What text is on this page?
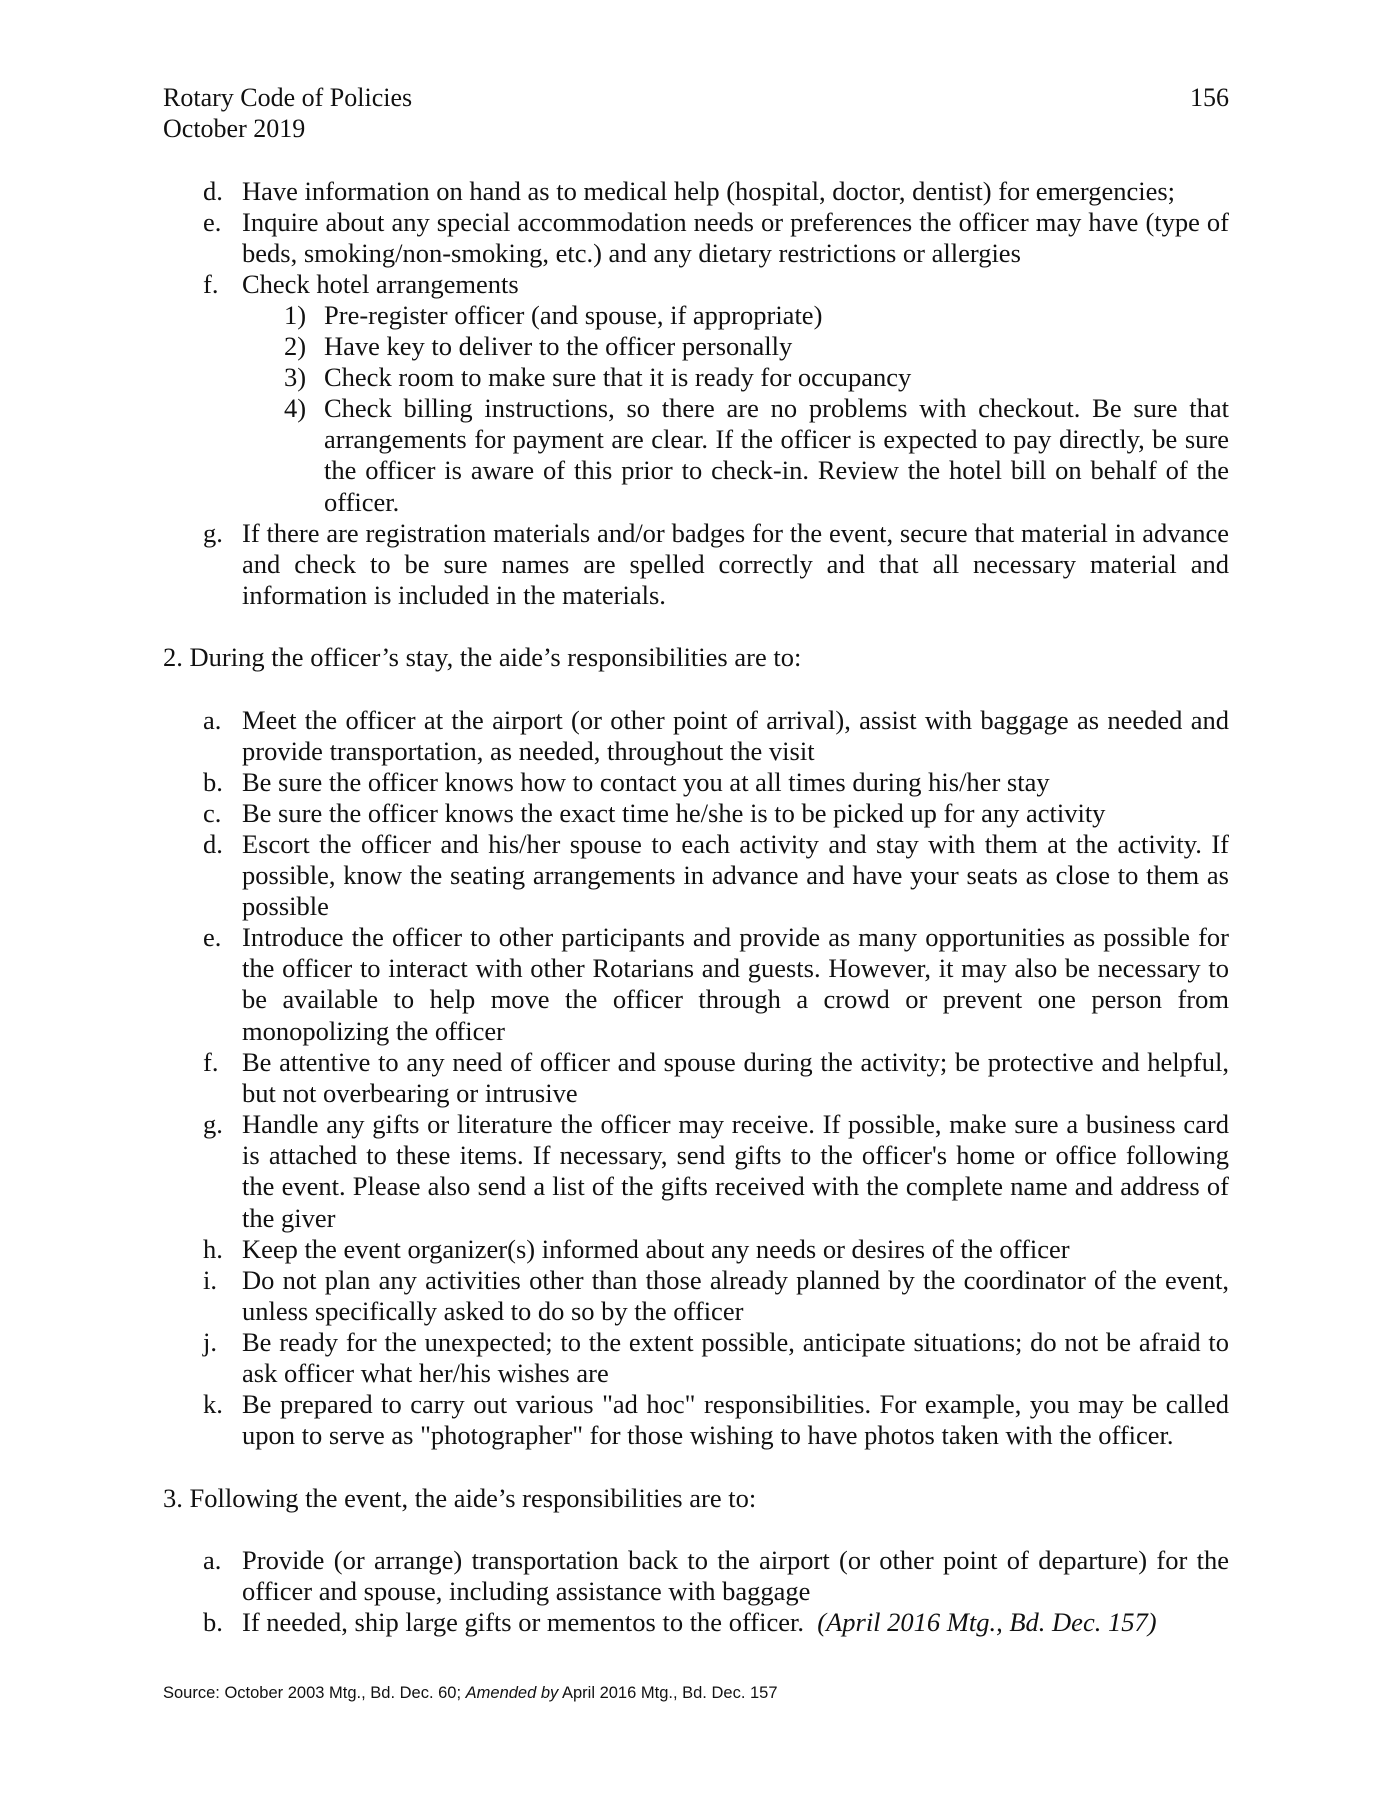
Rotary Code of Policies
October 2019
156
d. Have information on hand as to medical help (hospital, doctor, dentist) for emergencies;
e. Inquire about any special accommodation needs or preferences the officer may have (type of beds, smoking/non-smoking, etc.) and any dietary restrictions or allergies
f. Check hotel arrangements
1) Pre-register officer (and spouse, if appropriate)
2) Have key to deliver to the officer personally
3) Check room to make sure that it is ready for occupancy
4) Check billing instructions, so there are no problems with checkout. Be sure that arrangements for payment are clear. If the officer is expected to pay directly, be sure the officer is aware of this prior to check-in. Review the hotel bill on behalf of the officer.
g. If there are registration materials and/or badges for the event, secure that material in advance and check to be sure names are spelled correctly and that all necessary material and information is included in the materials.
2. During the officer’s stay, the aide’s responsibilities are to:
a. Meet the officer at the airport (or other point of arrival), assist with baggage as needed and provide transportation, as needed, throughout the visit
b. Be sure the officer knows how to contact you at all times during his/her stay
c. Be sure the officer knows the exact time he/she is to be picked up for any activity
d. Escort the officer and his/her spouse to each activity and stay with them at the activity. If possible, know the seating arrangements in advance and have your seats as close to them as possible
e. Introduce the officer to other participants and provide as many opportunities as possible for the officer to interact with other Rotarians and guests. However, it may also be necessary to be available to help move the officer through a crowd or prevent one person from monopolizing the officer
f. Be attentive to any need of officer and spouse during the activity; be protective and helpful, but not overbearing or intrusive
g. Handle any gifts or literature the officer may receive. If possible, make sure a business card is attached to these items. If necessary, send gifts to the officer's home or office following the event. Please also send a list of the gifts received with the complete name and address of the giver
h. Keep the event organizer(s) informed about any needs or desires of the officer
i. Do not plan any activities other than those already planned by the coordinator of the event, unless specifically asked to do so by the officer
j. Be ready for the unexpected; to the extent possible, anticipate situations; do not be afraid to ask officer what her/his wishes are
k. Be prepared to carry out various "ad hoc" responsibilities. For example, you may be called upon to serve as "photographer" for those wishing to have photos taken with the officer.
3. Following the event, the aide’s responsibilities are to:
a. Provide (or arrange) transportation back to the airport (or other point of departure) for the officer and spouse, including assistance with baggage
b. If needed, ship large gifts or mementos to the officer. (April 2016 Mtg., Bd. Dec. 157)
Source: October 2003 Mtg., Bd. Dec. 60; Amended by April 2016 Mtg., Bd. Dec. 157
